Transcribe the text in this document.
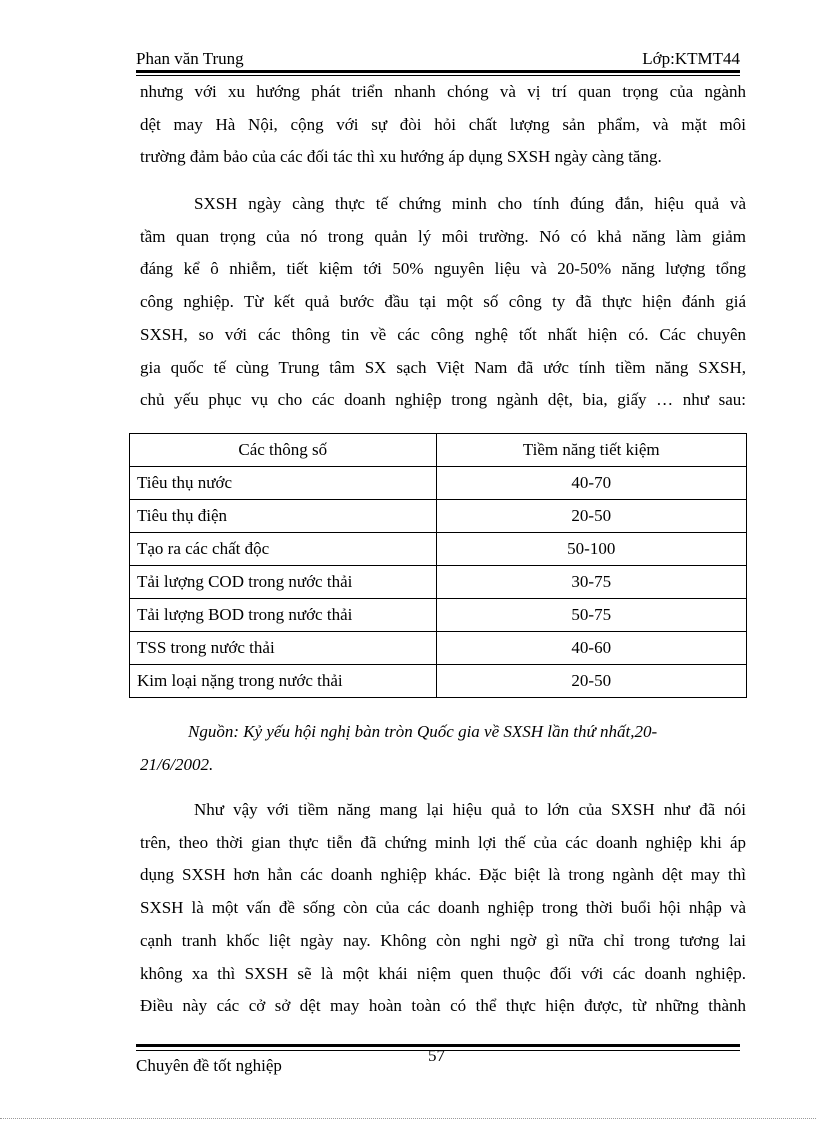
Phan văn Trung	Lớp:KTMT44
nhưng với xu hướng phát triển nhanh chóng và vị trí quan trọng của ngành
dệt may Hà Nội, cộng với sự đòi hỏi chất lượng sản phẩm, và mặt môi
trường đảm bảo của các đối tác thì xu hướng áp dụng SXSH ngày càng tăng.
SXSH ngày càng thực tế chứng minh cho tính đúng đắn, hiệu quả và
tầm quan trọng của nó trong quản lý môi trường. Nó có khả năng làm giảm
đáng kể ô nhiễm, tiết kiệm tới 50% nguyên liệu và 20-50% năng lượng tổng
công nghiệp. Từ kết quả bước đầu tại một số công ty đã thực hiện đánh giá
SXSH, so với các thông tin về các công nghệ tốt nhất hiện có. Các chuyên
gia quốc tế cùng Trung tâm SX sạch Việt Nam đã ước tính tiềm năng SXSH,
chủ yếu phục vụ cho các doanh nghiệp trong ngành dệt, bia, giấy … như sau:
Các thông số	Tiềm năng tiết kiệm
Tiêu thụ nước	40-70
Tiêu thụ điện	20-50
Tạo ra các chất độc	50-100
Tải lượng COD trong nước thải	30-75
Tải lượng BOD trong nước thải	50-75
TSS trong nước thải	40-60
Kim loại nặng trong nước thải	20-50
Nguồn: Kỷ yếu hội nghị bàn tròn Quốc gia về SXSH lần thứ nhất,20-
21/6/2002.
Như vậy với tiềm năng mang lại hiệu quả to lớn của SXSH như đã nói
trên, theo thời gian thực tiễn đã chứng minh lợi thế của các doanh nghiệp khi áp
dụng SXSH hơn hẳn các doanh nghiệp khác. Đặc biệt là trong ngành dệt may thì
SXSH là một vấn đề sống còn của các doanh nghiệp trong thời buổi hội nhập và
cạnh tranh khốc liệt ngày nay. Không còn nghi ngờ gì nữa chỉ trong tương lai
không xa thì SXSH sẽ là một khái niệm quen thuộc đối với các doanh nghiệp.
Điều này các cở sở dệt may hoàn toàn có thể thực hiện được, từ những thành
57
Chuyên đề tốt nghiệp
